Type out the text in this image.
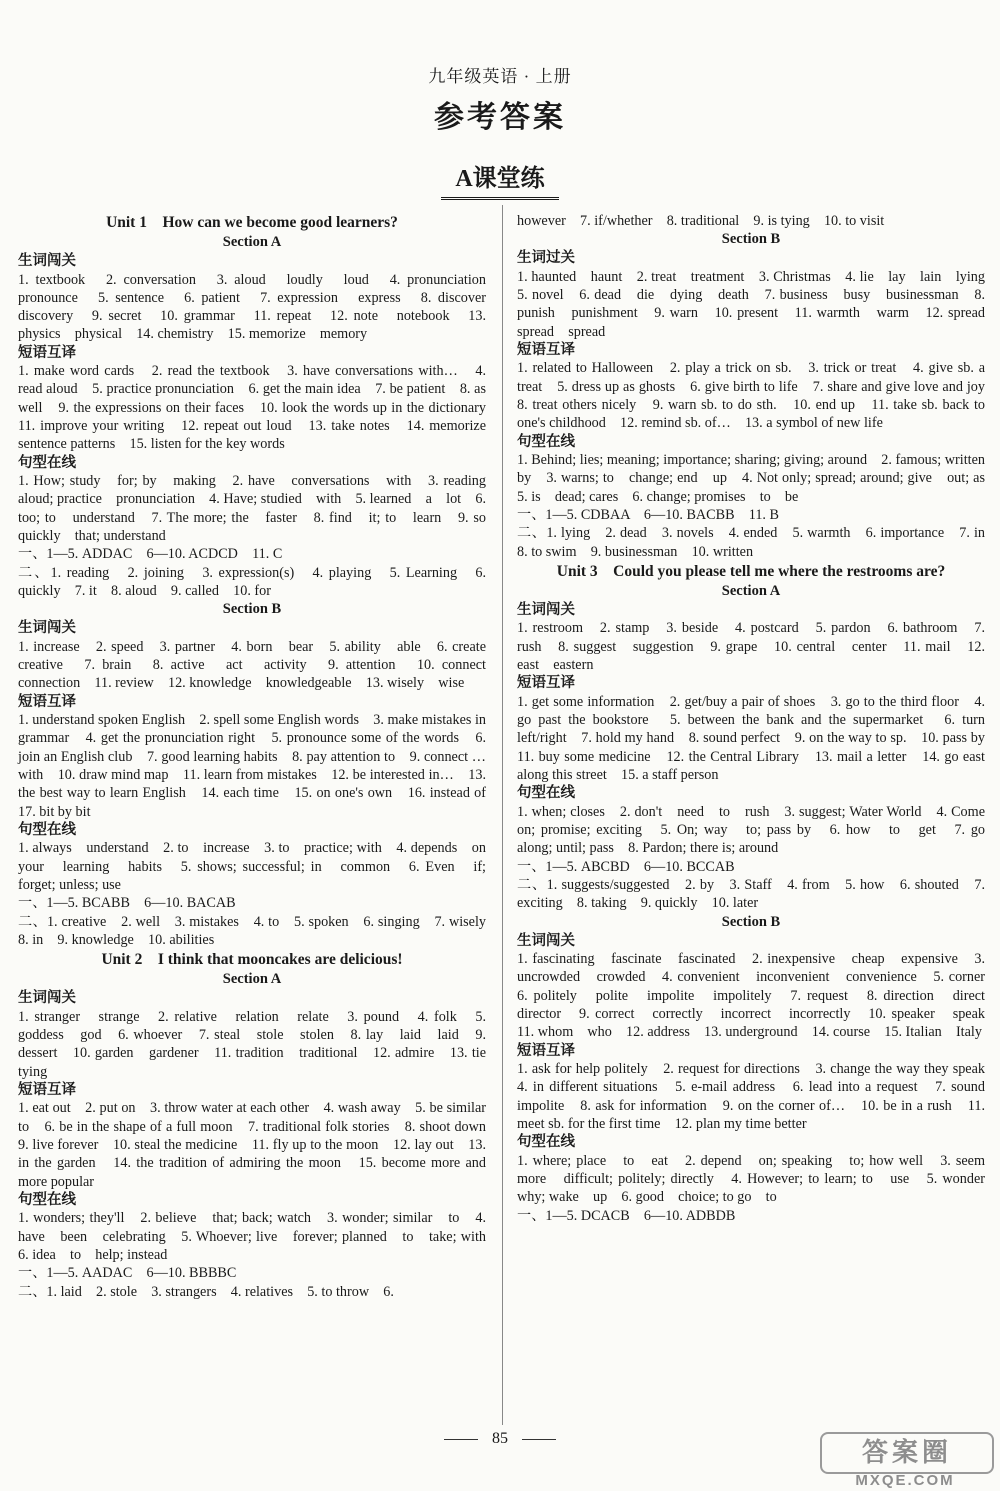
九年级英语 · 上册
参考答案
A课堂练
Unit 1　How can we become good learners?
Section A
生词闯关
1. textbook　2. conversation　3. aloud　loudly　loud　4. pronunciation　pronounce　5. sentence　6. patient　7. expression　express　8. discover　discovery　9. secret　10. grammar　11. repeat　12. note　notebook　13. physics　physical　14. chemistry　15. memorize　memory
短语互译
1. make word cards　2. read the textbook　3. have conversations with…　4. read aloud　5. practice pronunciation　6. get the main idea　7. be patient　8. as well　9. the expressions on their faces　10. look the words up in the dictionary　11. improve your writing　12. repeat out loud　13. take notes　14. memorize sentence patterns　15. listen for the key words
句型在线
1. How; study　for; by　making　2. have　conversations　with　3. reading　aloud; practice　pronunciation　4. Have; studied　with　5. learned　a　lot　6. too; to　understand　7. The more; the　faster　8. find　it; to　learn　9. so　quickly　that; understand
一、1—5. ADDAC　6—10. ACDCD　11. C
二、1. reading　2. joining　3. expression(s)　4. playing　5. Learning　6. quickly　7. it　8. aloud　9. called　10. for
Section B
生词闯关
1. increase　2. speed　3. partner　4. born　bear　5. ability　able　6. create　creative　7. brain　8. active　act　activity　9. attention　10. connect　connection　11. review　12. knowledge　knowledgeable　13. wisely　wise
短语互译
1. understand spoken English　2. spell some English words　3. make mistakes in grammar　4. get the pronunciation right　5. pronounce some of the words　6. join an English club　7. good learning habits　8. pay attention to　9. connect … with　10. draw mind map　11. learn from mistakes　12. be interested in…　13. the best way to learn English　14. each time　15. on one's own　16. instead of　17. bit by bit
句型在线
1. always　understand　2. to　increase　3. to　practice; with　4. depends　on　your　learning　habits　5. shows; successful; in　common　6. Even　if; forget; unless; use
一、1—5. BCABB　6—10. BACAB
二、1. creative　2. well　3. mistakes　4. to　5. spoken　6. singing　7. wisely　8. in　9. knowledge　10. abilities
Unit 2　I think that mooncakes are delicious!
Section A
生词闯关
1. stranger　strange　2. relative　relation　relate　3. pound　4. folk　5. goddess　god　6. whoever　7. steal　stole　stolen　8. lay　laid　laid　9. dessert　10. garden　gardener　11. tradition　traditional　12. admire　13. tie　tying
短语互译
1. eat out　2. put on　3. throw water at each other　4. wash away　5. be similar to　6. be in the shape of a full moon　7. traditional folk stories　8. shoot down　9. live forever　10. steal the medicine　11. fly up to the moon　12. lay out　13. in the garden　14. the tradition of admiring the moon　15. become more and more popular
句型在线
1. wonders; they'll　2. believe　that; back; watch　3. wonder; similar　to　4. have　been　celebrating　5. Whoever; live　forever; planned　to　take; with　6. idea　to　help; instead
一、1—5. AADAC　6—10. BBBBC
二、1. laid　2. stole　3. strangers　4. relatives　5. to throw　6.
however　7. if/whether　8. traditional　9. is tying　10. to visit
Section B
生词过关
1. haunted　haunt　2. treat　treatment　3. Christmas　4. lie　lay　lain　lying　5. novel　6. dead　die　dying　death　7. business　busy　businessman　8. punish　punishment　9. warn　10. present　11. warmth　warm　12. spread　spread　spread
短语互译
1. related to Halloween　2. play a trick on sb.　3. trick or treat　4. give sb. a treat　5. dress up as ghosts　6. give birth to life　7. share and give love and joy　8. treat others nicely　9. warn sb. to do sth.　10. end up　11. take sb. back to one's childhood　12. remind sb. of…　13. a symbol of new life
句型在线
1. Behind; lies; meaning; importance; sharing; giving; around　2. famous; written　by　3. warns; to　change; end　up　4. Not only; spread; around; give　out; as　5. is　dead; cares　6. change; promises　to　be
一、1—5. CDBAA　6—10. BACBB　11. B
二、1. lying　2. dead　3. novels　4. ended　5. warmth　6. importance　7. in　8. to swim　9. businessman　10. written
Unit 3　Could you please tell me where the restrooms are?
Section A
生词闯关
1. restroom　2. stamp　3. beside　4. postcard　5. pardon　6. bathroom　7. rush　8. suggest　suggestion　9. grape　10. central　center　11. mail　12. east　eastern
短语互译
1. get some information　2. get/buy a pair of shoes　3. go to the third floor　4. go past the bookstore　5. between the bank and the supermarket　6. turn left/right　7. hold my hand　8. sound perfect　9. on the way to sp.　10. pass by　11. buy some medicine　12. the Central Library　13. mail a letter　14. go east along this street　15. a staff person
句型在线
1. when; closes　2. don't　need　to　rush　3. suggest; Water World　4. Come　on; promise; exciting　5. On; way　to; pass by　6. how　to　get　7. go　along; until; pass　8. Pardon; there is; around
一、1—5. ABCBD　6—10. BCCAB
二、1. suggests/suggested　2. by　3. Staff　4. from　5. how　6. shouted　7. exciting　8. taking　9. quickly　10. later
Section B
生词闯关
1. fascinating　fascinate　fascinated　2. inexpensive　cheap　expensive　3. uncrowded　crowded　4. convenient　inconvenient　convenience　5. corner　6. politely　polite　impolite　impolitely　7. request　8. direction　direct　director　9. correct　correctly　incorrect　incorrectly　10. speaker　speak　11. whom　who　12. address　13. underground　14. course　15. Italian　Italy
短语互译
1. ask for help politely　2. request for directions　3. change the way they speak　4. in different situations　5. e-mail address　6. lead into a request　7. sound impolite　8. ask for information　9. on the corner of…　10. be in a rush　11. meet sb. for the first time　12. plan my time better
句型在线
1. where; place　to　eat　2. depend　on; speaking　to; how well　3. seem　more　difficult; politely; directly　4. However; to learn; to　use　5. wonder　why; wake　up　6. good　choice; to go　to
一、1—5. DCACB　6—10. ADBDB
85	答案圈
MXQE.COM
